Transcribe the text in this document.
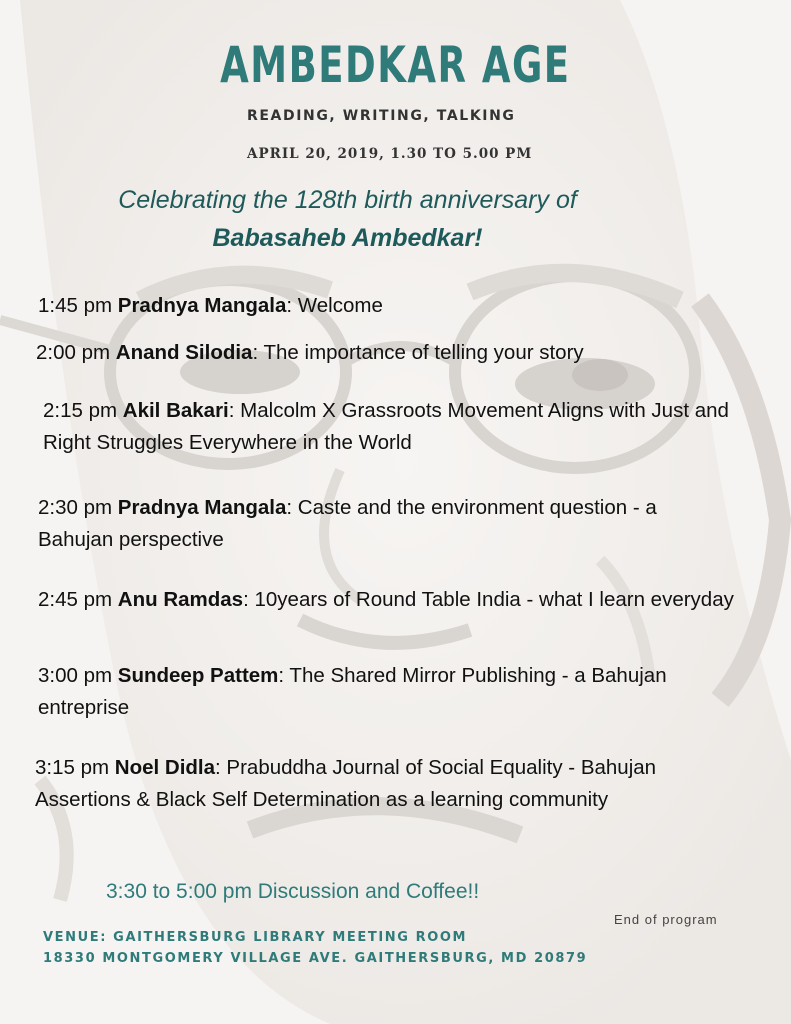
AMBEDKAR AGE
READING, WRITING, TALKING
APRIL 20, 2019, 1.30 TO 5.00 PM
Celebrating the 128th birth anniversary of
Babasaheb Ambedkar!
1:45 pm Pradnya Mangala: Welcome
2:00 pm Anand Silodia: The importance of telling your story
2:15 pm Akil Bakari: Malcolm X Grassroots Movement Aligns with Just and Right Struggles Everywhere in the World
2:30 pm Pradnya Mangala: Caste and the environment question - a Bahujan perspective
2:45 pm Anu Ramdas: 10years of Round Table India - what I learn everyday
3:00 pm Sundeep Pattem: The Shared Mirror Publishing - a Bahujan entreprise
3:15 pm Noel Didla: Prabuddha Journal of Social Equality - Bahujan Assertions & Black Self Determination as a learning community
3:30 to 5:00 pm Discussion and Coffee!!
End of program
VENUE: GAITHERSBURG LIBRARY MEETING ROOM
18330 MONTGOMERY VILLAGE AVE. GAITHERSBURG, MD 20879
